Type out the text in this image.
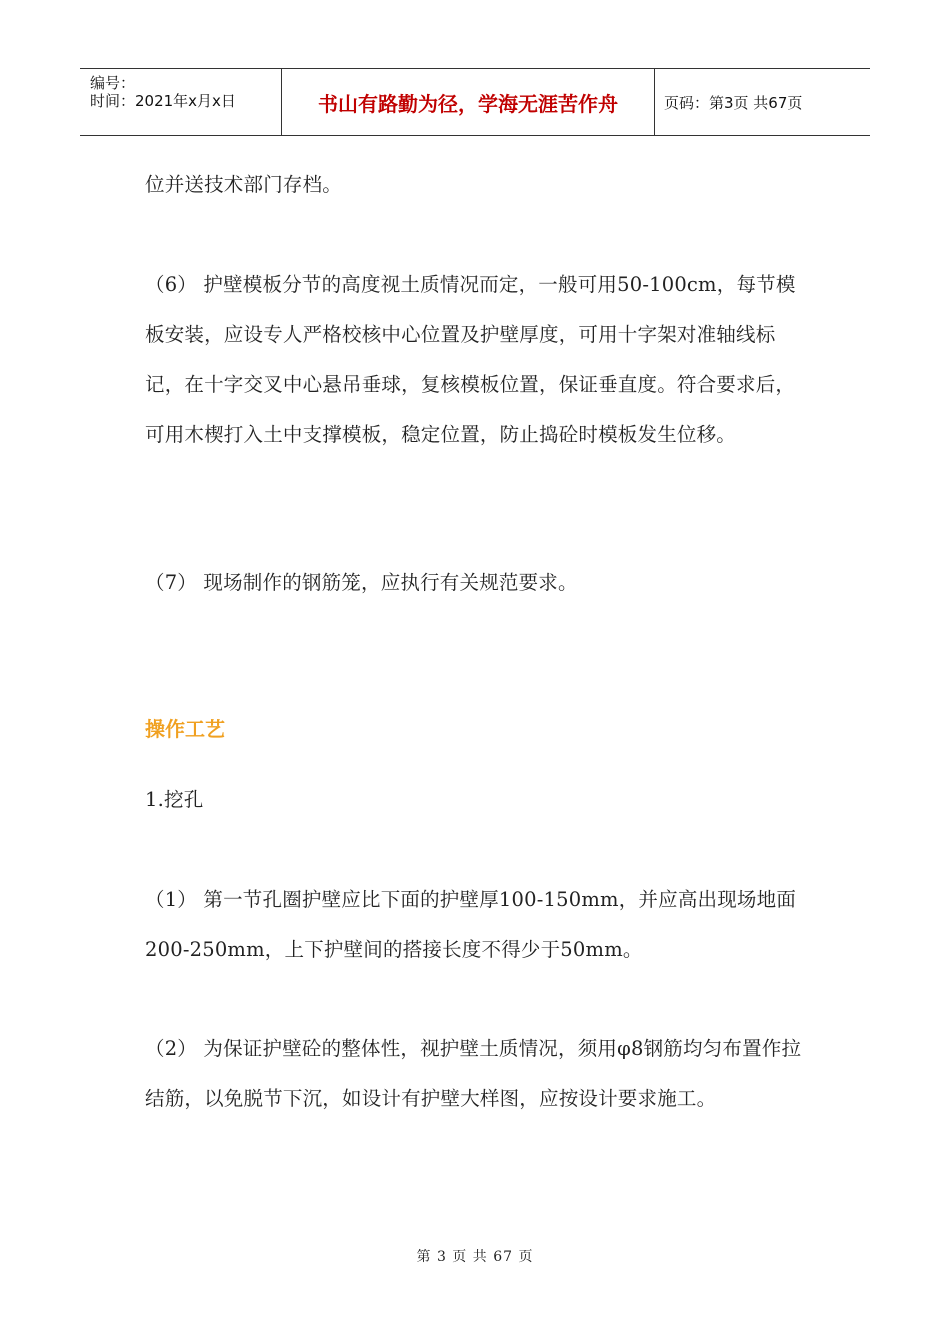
编号：
时间：2021年x月x日	书山有路勤为径，学海无涯苦作舟	页码：第3页 共67页

位并送技术部门存档。

（6） 护壁模板分节的高度视土质情况而定，一般可用50-100cm，每节模板安装，应设专人严格校核中心位置及护壁厚度，可用十字架对准轴线标记，在十字交叉中心悬吊垂球，复核模板位置，保证垂直度。符合要求后，可用木楔打入土中支撑模板，稳定位置，防止捣砼时模板发生位移。

（7） 现场制作的钢筋笼，应执行有关规范要求。

操作工艺

1.挖孔

（1） 第一节孔圈护壁应比下面的护壁厚100-150mm，并应高出现场地面200-250mm，上下护壁间的搭接长度不得少于50mm。

（2） 为保证护壁砼的整体性，视护壁土质情况，须用φ8钢筋均匀布置作拉结筋，以免脱节下沉，如设计有护壁大样图，应按设计要求施工。

第 3 页 共 67 页
